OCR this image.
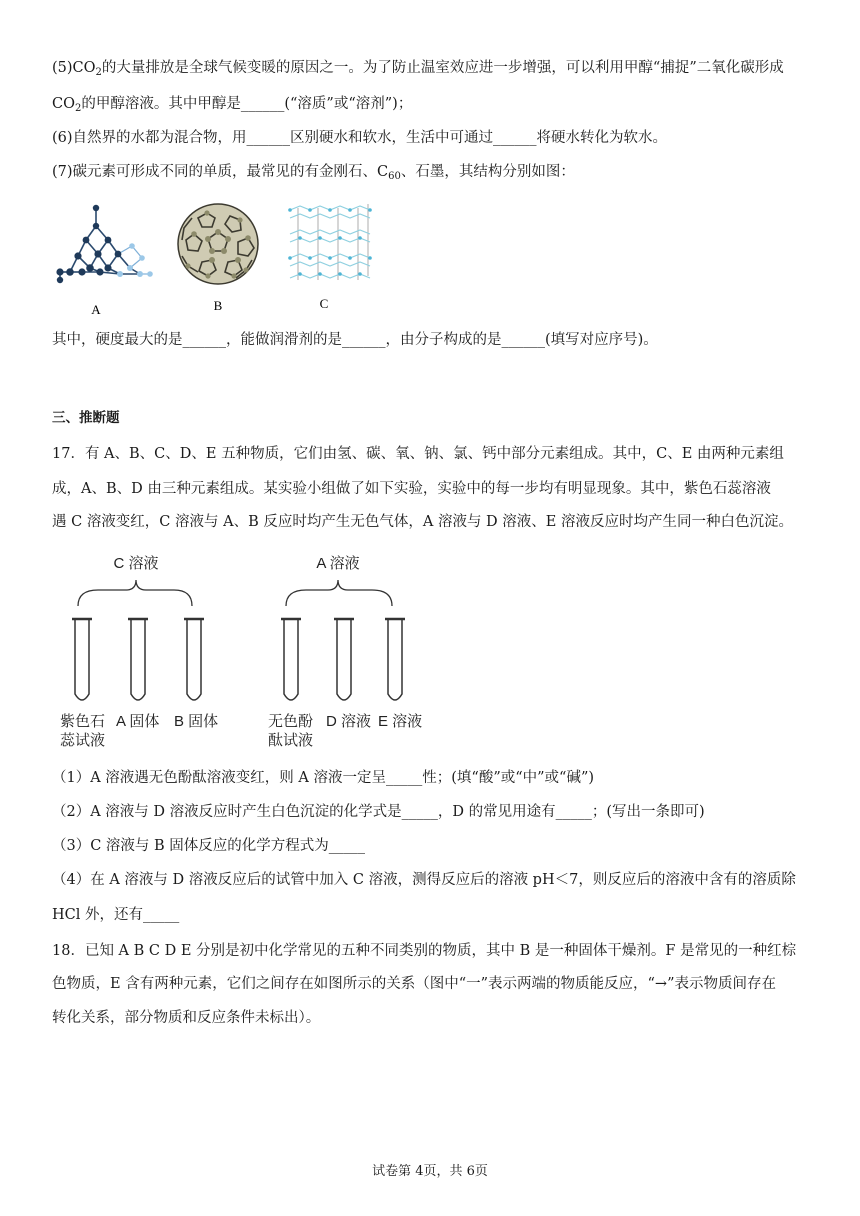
$(5)CO_2$的大量排放是全球气候变暖的原因之一。为了防止温室效应进一步增强，可以利用甲醇“捕捉”二氧化碳形成
$CO_2$的甲醇溶液。其中甲醇是______(“溶质”或“溶剂”)；
(6)自然界的水都为混合物，用______区别硬水和软水，生活中可通过______将硬水转化为软水。
(7)碳元素可形成不同的单质，最常见的有金刚石、$C_{60}$、石墨，其结构分别如图：
A	B	C
其中，硬度最大的是______，能做润滑剂的是______，由分子构成的是______(填写对应序号)。
三、推断题
17．有 A、B、C、D、E 五种物质，它们由氢、碳、氧、钠、氯、钙中部分元素组成。其中，C、E 由两种元素组
成，A、B、D 由三种元素组成。某实验小组做了如下实验，实验中的每一步均有明显现象。其中，紫色石蕊溶液
遇 C 溶液变红，C 溶液与 A、B 反应时均产生无色气体，A 溶液与 D 溶液、E 溶液反应时均产生同一种白色沉淀。
C 溶液
紫色石
蕊试液
A 固体 B 固体
A 溶液
无色酚
酞试液
D 溶液 E 溶液
（1）A 溶液遇无色酚酞溶液变红，则 A 溶液一定呈_____性；(填“酸”或“中”或“碱”)
（2）A 溶液与 D 溶液反应时产生白色沉淀的化学式是_____，D 的常见用途有_____；(写出一条即可)
（3）C 溶液与 B 固体反应的化学方程式为_____
（4）在 A 溶液与 D 溶液反应后的试管中加入 C 溶液，测得反应后的溶液 pH＜7，则反应后的溶液中含有的溶质除
HCl 外，还有_____
18．已知 A B C D E 分别是初中化学常见的五种不同类别的物质，其中 B 是一种固体干燥剂。F 是常见的一种红棕
色物质，E 含有两种元素，它们之间存在如图所示的关系（图中“一”表示两端的物质能反应，“→”表示物质间存在
转化关系，部分物质和反应条件未标出）。
试卷第 4页，共 6页
